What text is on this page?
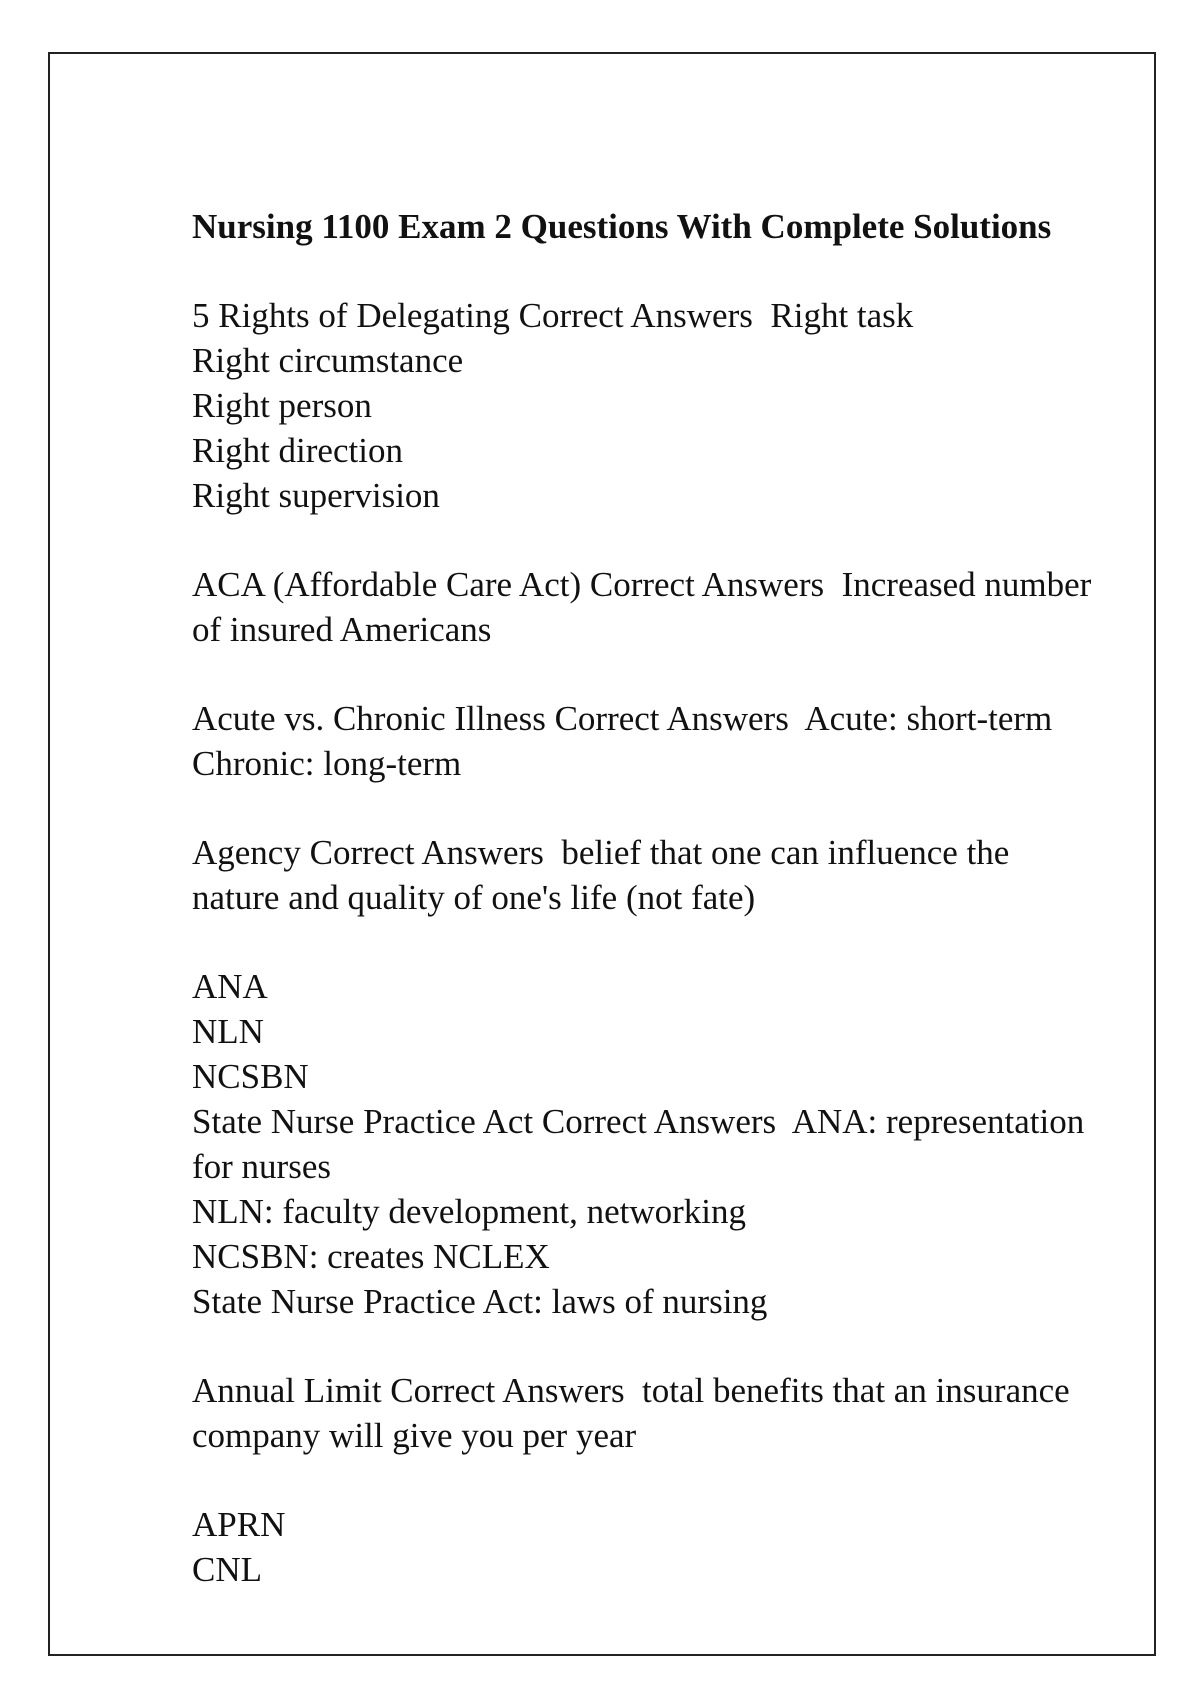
Nursing 1100 Exam 2 Questions With Complete Solutions
5 Rights of Delegating Correct Answers  Right task
Right circumstance
Right person
Right direction
Right supervision
ACA (Affordable Care Act) Correct Answers  Increased number
of insured Americans
Acute vs. Chronic Illness Correct Answers  Acute: short-term
Chronic: long-term
Agency Correct Answers  belief that one can influence the
nature and quality of one's life (not fate)
ANA
NLN
NCSBN
State Nurse Practice Act Correct Answers  ANA: representation
for nurses
NLN: faculty development, networking
NCSBN: creates NCLEX
State Nurse Practice Act: laws of nursing
Annual Limit Correct Answers  total benefits that an insurance
company will give you per year
APRN
CNL
